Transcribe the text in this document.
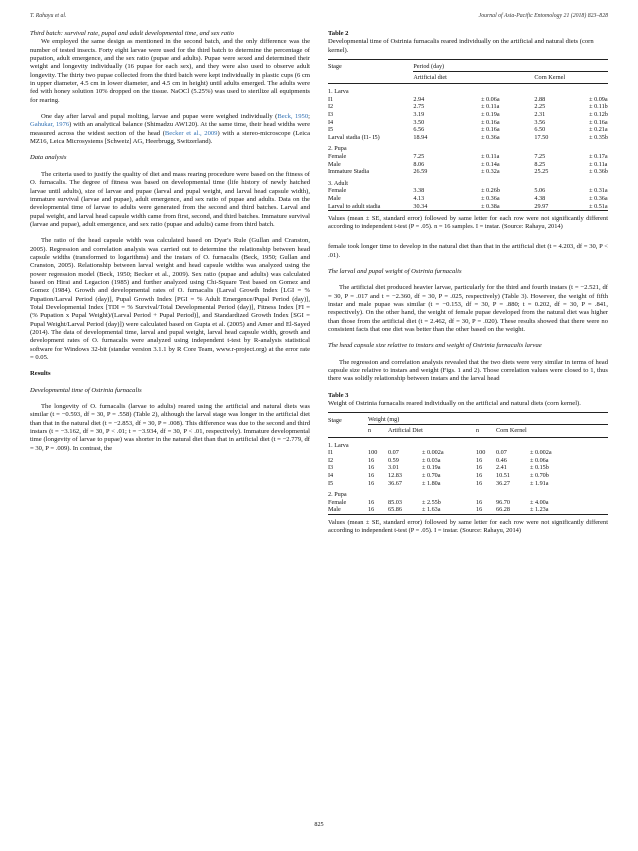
T. Rahayu et al.	Journal of Asia-Pacific Entomology 21 (2018) 823–828
Third batch: survival rate, pupal and adult developmental time, and sex ratio

We employed the same design as mentioned in the second batch, and the only difference was the number of tested insects. Forty eight larvae were used for the third batch to determine the percentage of pupation, adult emergence, and the sex ratio (pupae and adults). Pupae were sexed and determined their weight and longevity individually (16 pupae for each sex), and they were also used to observe adult longevity. The thirty two pupae collected from the third batch were kept individually in plastic cups (6 cm in upper diameter, 4.5 cm in lower diameter, and 4.5 cm in height) until adults emerged. The adults were fed with honey solution 10% dropped on the tissue. NaOCl (5.25%) was used to sterilize all equipments for rearing.

One day after larval and pupal molting, larvae and pupae were weighed individually (Beck, 1950; Gahukar, 1976) with an analytical balance (Shimadzu AW120). At the same time, their head widths were measured across the widest section of the head (Becker et al., 2009) with a stereo-microscope (Leica MZ16, Leica Microsystems [Schweiz] AG, Heerbrugg, Switzerland).

Data analysis

The criteria used to justify the quality of diet and mass rearing procedure were based on the fitness of O. furnacalis. The degree of fitness was based on developmental time (life history of newly hatched larvae until adults), size of larvae and pupae (larval and pupal weight, and larval head capsule width), immature survival (larvae and pupae), adult emergence, and sex ratio of pupae and adults. Data on the developmental time of larvae to adults were generated from the second and third batches. Larval and pupal weight, and larval head capsule width came from first, second, and third batches. Immature survival (larvae and pupae), adult emergence, and sex ratio (pupae and adults) came from third batch.

The ratio of the head capsule width was calculated based on Dyar's Rule (Gullan and Cranston, 2005). Regression and correlation analysis was carried out to determine the relationship between head capsule widths (transformed to logarithms) and the instars of O. furnacalis (Beck, 1950; Gullan and Cranston, 2005). Relationship between larval weight and head capsule widths was analyzed using the power regression model (Beck, 1950; Becker et al., 2009). Sex ratio (pupae and adults) was calculated based on Hirai and Legacion (1985) and further analyzed using Chi-Square Test based on Gomez and Gomez (1984). Growth and developmental rates of O. furnacalis (Larval Growth Index [LGI = % Pupation/Larval Period (day)], Pupal Growth Index [PGI = % Adult Emergence/Pupal Period (day)], Total Developmental Index [TDI = % Survival/Total Developmental Period (day)], Fitness Index [FI = (% Pupation x Pupal Weight)/(Larval Period + Pupal Period)], and Standardized Growth Index [SGI = Pupal Weight/Larval Period (day)]) were calculated based on Gupta et al. (2005) and Amer and El-Sayed (2014). The data of developmental time, larval and pupal weight, larval head capsule width, growth and development rates of O. furnacalis were analyzed using independent t-test by R-analysis statistical software for Windows 32-bit (standar version 3.1.1 by R Core Team, www.r-project.org) at the error rate = 0.05.

Results
Developmental time of Ostrinia furnacalis

The longevity of O. furnacalis (larvae to adults) reared using the artificial and natural diets was similar (t = −0.593, df = 30, P = .558) (Table 2), although the larval stage was longer in the artificial diet than that in the natural diet (t = −2.853, df = 30, P = .008). This difference was due to the second and third instars (t = −3.162, df = 30, P < .01; t = −3.934, df = 30, P < .01, respectively). Immature developmental time (longevity of larvae to pupae) was shorter in the natural diet than that in artificial diet (t = −2.779, df = 30, P = .009). In contrast, the

Table 2
Developmental time of Ostrinia furnacalis reared individually on the artificial and natural diets (corn kernel).
Stage	Period (day)			
	Artificial diet		Corn Kernel	
1. Larva				
I1	2.94	± 0.06a	2.88	± 0.09a
I2	2.75	± 0.11a	2.25	± 0.11b
I3	3.19	± 0.19a	2.31	± 0.12b
I4	3.50	± 0.16a	3.56	± 0.16a
I5	6.56	± 0.16a	6.50	± 0.21a
Larval stadia (I1- I5)	18.94	± 0.36a	17.50	± 0.35b
2. Pupa				
Female	7.25	± 0.11a	7.25	± 0.17a
Male	8.06	± 0.14a	8.25	± 0.11a
Immature Stadia	26.59	± 0.32a	25.25	± 0.36b
3. Adult				
Female	3.38	± 0.26b	5.06	± 0.31a
Male	4.13	± 0.36a	4.38	± 0.36a
Larval to adult stadia	30.34	± 0.38a	29.97	± 0.51a
Values (mean ± SE, standard error) followed by same letter for each row were not significantly different according to independent t-test (P = .05). n = 16 samples. I = instar. (Source: Rahayu, 2014)

female took longer time to develop in the natural diet than that in the artificial diet (t = 4.203, df = 30, P < .01).

The larval and pupal weight of Ostrinia furnacalis

The artificial diet produced heavier larvae, particularly for the third and fourth instars (t = −2.521, df = 30, P = .017 and t = −2.360, df = 30, P = .025, respectively) (Table 3). However, the weight of fifth instar and male pupae was similar (t = −0.153, df = 30, P = .880; t = 0.202, df = 30, P = .841, respectively). On the other hand, the weight of female pupae developed from the natural diet was higher than those from the artificial diet (t = 2.462, df = 30, P = .020). These results showed that there were no consistent facts that one diet was better than the other based on the weight.

The head capsule size relative to instars and weight of Ostrinia furnacalis larvae

The regression and correlation analysis revealed that the two diets were very similar in terms of head capsule size relative to instars and weight (Figs. 1 and 2). Those correlation values were closed to 1, thus there was solidly relationship between instars and the larval head

Table 3
Weight of Ostrinia furnacalis reared individually on the artificial and natural diets (corn kernel).
Stage	Weight (mg)					
	n	Artificial Diet		n	Corn Kernel	
1. Larva						
I1	100	0.07	± 0.002a	100	0.07	± 0.002a
I2	16	0.59	± 0.03a	16	0.46	± 0.06a
I3	16	3.01	± 0.19a	16	2.41	± 0.15b
I4	16	12.83	± 0.70a	16	10.51	± 0.70b
I5	16	36.67	± 1.80a	16	36.27	± 1.91a
2. Pupa						
Female	16	85.03	± 2.55b	16	96.70	± 4.00a
Male	16	65.86	± 1.63a	16	66.28	± 1.23a
Values (mean ± SE, standard error) followed by same letter for each row were not significantly different according to independent t-test (P = .05). I = instar. (Source: Rahayu, 2014)
825
